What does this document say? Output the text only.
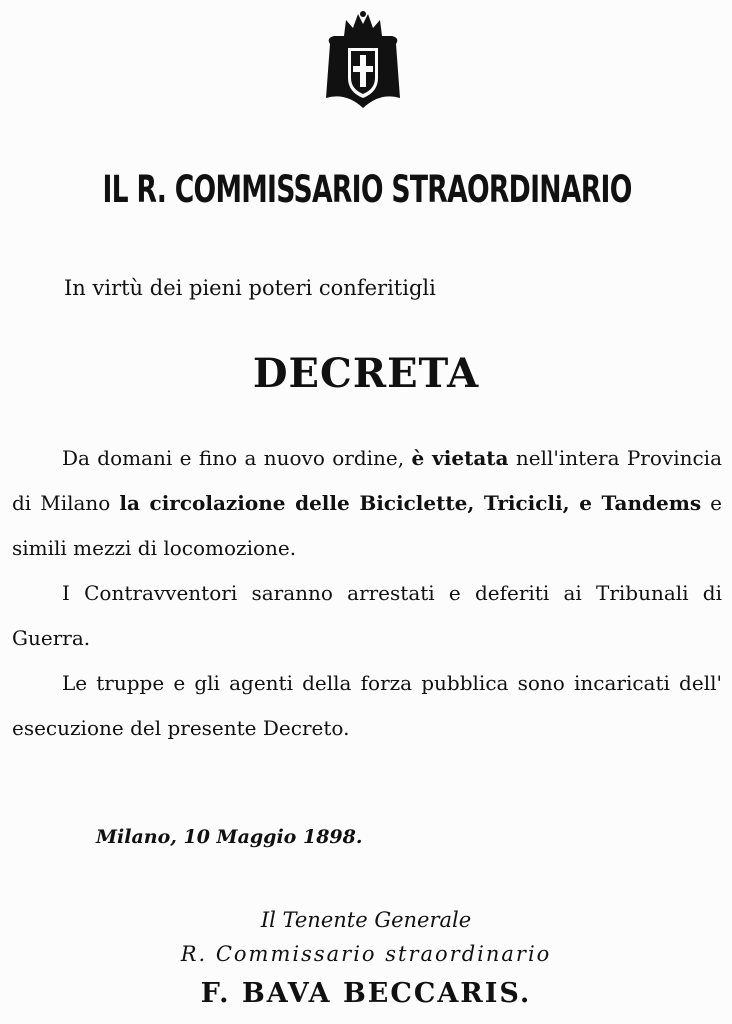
IL R. COMMISSARIO STRAORDINARIO
In virtù dei pieni poteri conferitigli
DECRETA

Da domani e fino a nuovo ordine, è vietata nell'intera Provincia di Milano la circolazione delle Biciclette, Tricicli, e Tandems e simili mezzi di locomozione.

I Contravventori saranno arrestati e deferiti ai Tribunali di Guerra.

Le truppe e gli agenti della forza pubblica sono incaricati dell' esecuzione del presente Decreto.

Milano, 10 Maggio 1898.
Il Tenente Generale
R. Commissario straordinario
F. BAVA BECCARIS.
